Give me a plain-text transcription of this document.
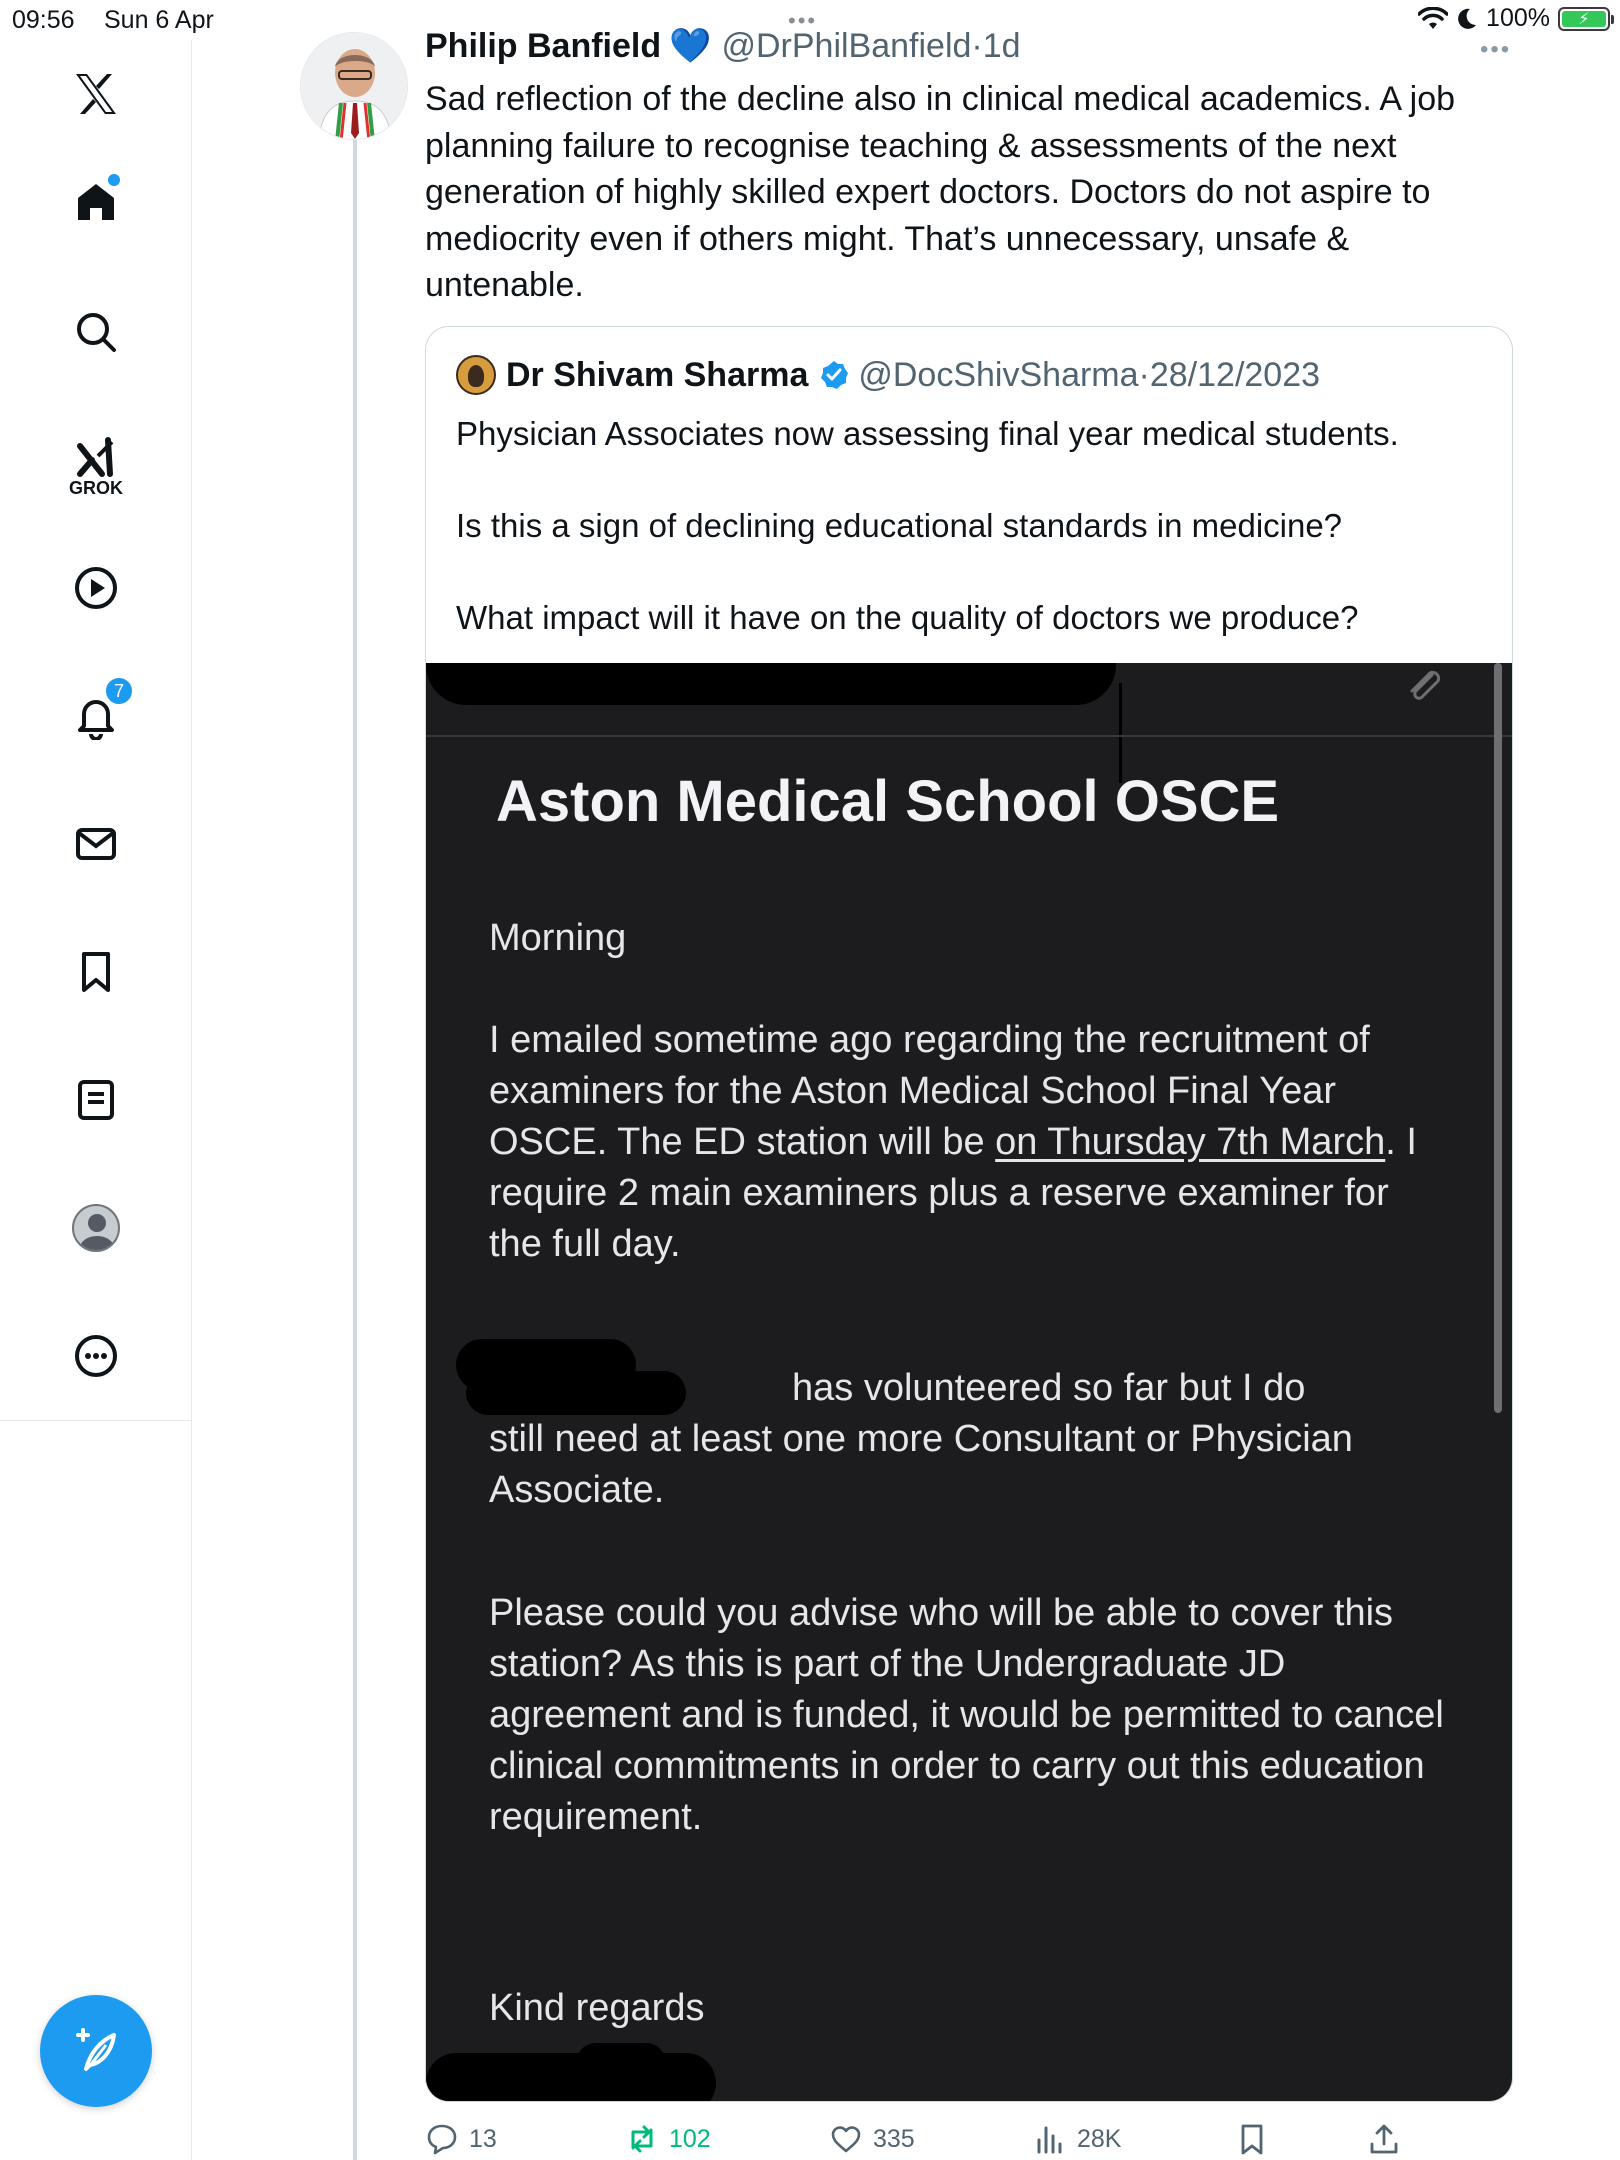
09:56 Sun 6 Apr	•••	100%	⚡
GROK
7
Philip Banfield 💙 @DrPhilBanfield · 1d	•••
Sad reflection of the decline also in clinical medical academics. A job
planning failure to recognise teaching & assessments of the next
generation of highly skilled expert doctors. Doctors do not aspire to
mediocrity even if others might. That’s unnecessary, unsafe &
untenable.
Dr Shivam Sharma @DocShivSharma · 28/12/2023
Physician Associates now assessing final year medical students.
Is this a sign of declining educational standards in medicine?
What impact will it have on the quality of doctors we produce?
Aston Medical School OSCE
Morning
I emailed sometime ago regarding the recruitment of examiners for the Aston Medical School Final Year OSCE. The ED station will be on Thursday 7th March. I require 2 main examiners plus a reserve examiner for the full day.
has volunteered so far but I do
still need at least one more Consultant or Physician Associate.
Please could you advise who will be able to cover this station? As this is part of the Undergraduate JD agreement and is funded, it would be permitted to cancel clinical commitments in order to carry out this education requirement.
Kind regards
13	102	335	28K
